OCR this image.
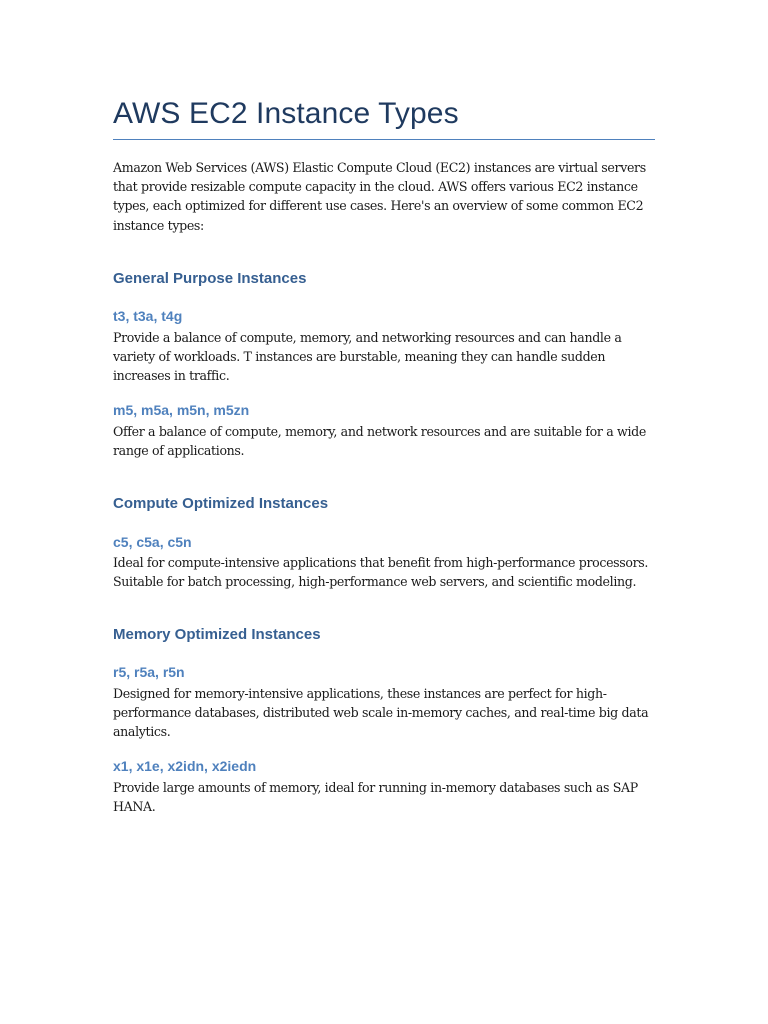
AWS EC2 Instance Types

Amazon Web Services (AWS) Elastic Compute Cloud (EC2) instances are virtual servers that provide resizable compute capacity in the cloud. AWS offers various EC2 instance types, each optimized for different use cases. Here's an overview of some common EC2 instance types:

General Purpose Instances
t3, t3a, t4g

Provide a balance of compute, memory, and networking resources and can handle a variety of workloads. T instances are burstable, meaning they can handle sudden increases in traffic.

m5, m5a, m5n, m5zn

Offer a balance of compute, memory, and network resources and are suitable for a wide range of applications.

Compute Optimized Instances
c5, c5a, c5n

Ideal for compute-intensive applications that benefit from high-performance processors. Suitable for batch processing, high-performance web servers, and scientific modeling.

Memory Optimized Instances
r5, r5a, r5n

Designed for memory-intensive applications, these instances are perfect for high-performance databases, distributed web scale in-memory caches, and real-time big data analytics.

x1, x1e, x2idn, x2iedn

Provide large amounts of memory, ideal for running in-memory databases such as SAP HANA.
